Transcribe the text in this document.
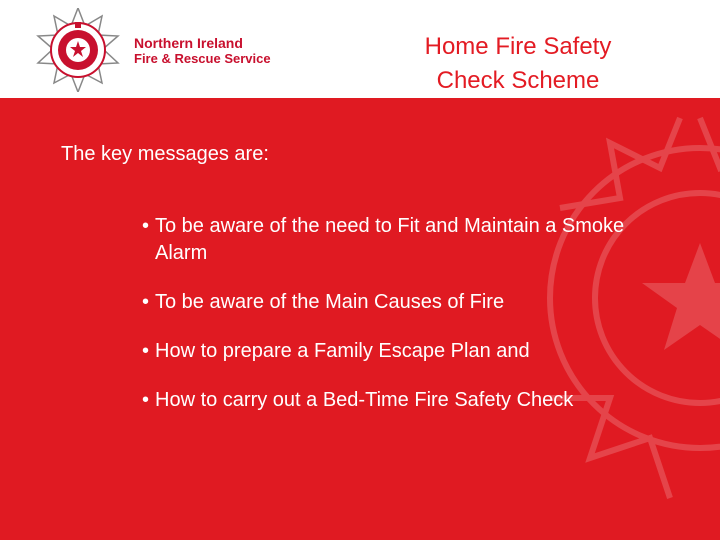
Northern Ireland
Fire & Rescue Service	Home Fire Safety
Check Scheme
The key messages are:
• To be aware of the need to Fit and Maintain a Smoke Alarm
• To be aware of the Main Causes of Fire
• How to prepare a Family Escape Plan and
• How to carry out a Bed-Time Fire Safety Check
